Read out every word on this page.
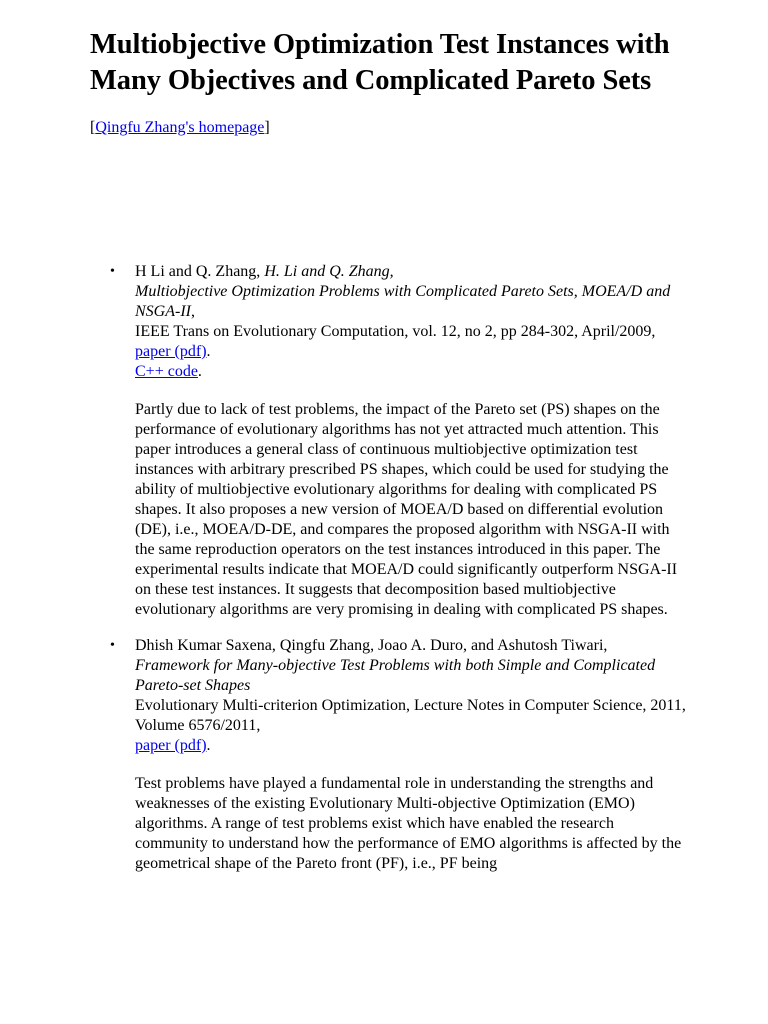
Multiobjective Optimization Test Instances with Many Objectives and Complicated Pareto Sets
[Qingfu Zhang's homepage]
• H Li and Q. Zhang, H. Li and Q. Zhang,
Multiobjective Optimization Problems with Complicated Pareto Sets, MOEA/D and NSGA-II,
IEEE Trans on Evolutionary Computation, vol. 12, no 2, pp 284-302, April/2009,
paper (pdf).
C++ code.

Partly due to lack of test problems, the impact of the Pareto set (PS) shapes on the performance of evolutionary algorithms has not yet attracted much attention. This paper introduces a general class of continuous multiobjective optimization test instances with arbitrary prescribed PS shapes, which could be used for studying the ability of multiobjective evolutionary algorithms for dealing with complicated PS shapes. It also proposes a new version of MOEA/D based on differential evolution (DE), i.e., MOEA/D-DE, and compares the proposed algorithm with NSGA-II with the same reproduction operators on the test instances introduced in this paper. The experimental results indicate that MOEA/D could significantly outperform NSGA-II on these test instances. It suggests that decomposition based multiobjective evolutionary algorithms are very promising in dealing with complicated PS shapes.

• Dhish Kumar Saxena, Qingfu Zhang, Joao A. Duro, and Ashutosh Tiwari,
Framework for Many-objective Test Problems with both Simple and Complicated Pareto-set Shapes
Evolutionary Multi-criterion Optimization, Lecture Notes in Computer Science, 2011, Volume 6576/2011,
paper (pdf).

Test problems have played a fundamental role in understanding the strengths and weaknesses of the existing Evolutionary Multi-objective Optimization (EMO) algorithms. A range of test problems exist which have enabled the research community to understand how the performance of EMO algorithms is affected by the geometrical shape of the Pareto front (PF), i.e., PF being
